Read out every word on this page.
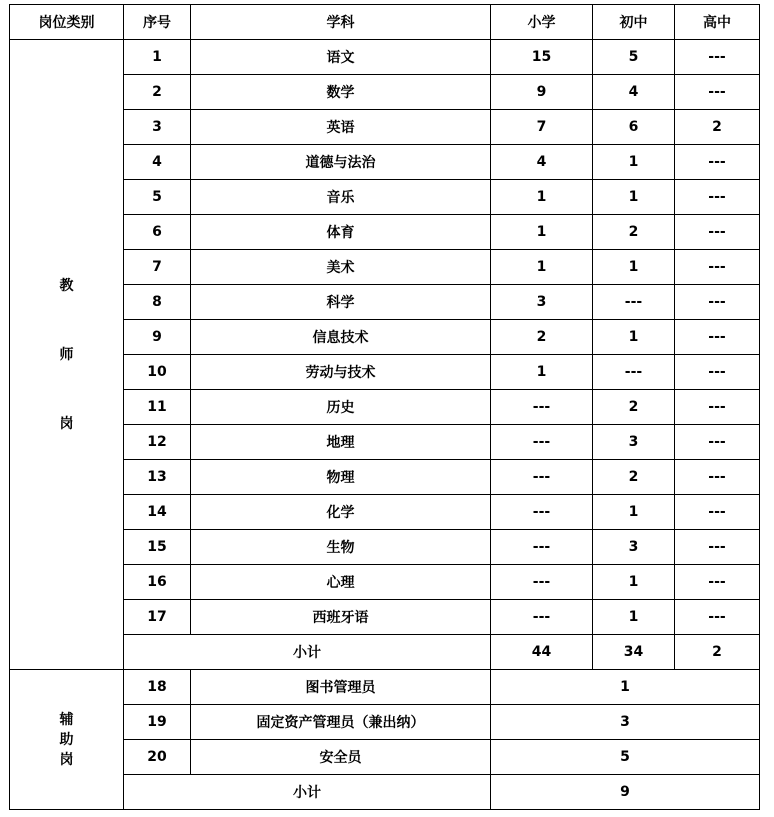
岗位类别	序号	学科	小学	初中	高中

教
师
岗	1	语文	15	5	---
	2	数学	9	4	---
	3	英语	7	6	2
	4	道德与法治	4	1	---
	5	音乐	1	1	---
	6	体育	1	2	---
	7	美术	1	1	---
	8	科学	3	---	---
	9	信息技术	2	1	---
	10	劳动与技术	1	---	---
	11	历史	---	2	---
	12	地理	---	3	---
	13	物理	---	2	---
	14	化学	---	1	---
	15	生物	---	3	---
	16	心理	---	1	---
	17	西班牙语	---	1	---
	小计		44	34	2

辅
助
岗	18	图书管理员	1		
	19	固定资产管理员（兼出纳）	3		
	20	安全员	5		
	小计		9		
